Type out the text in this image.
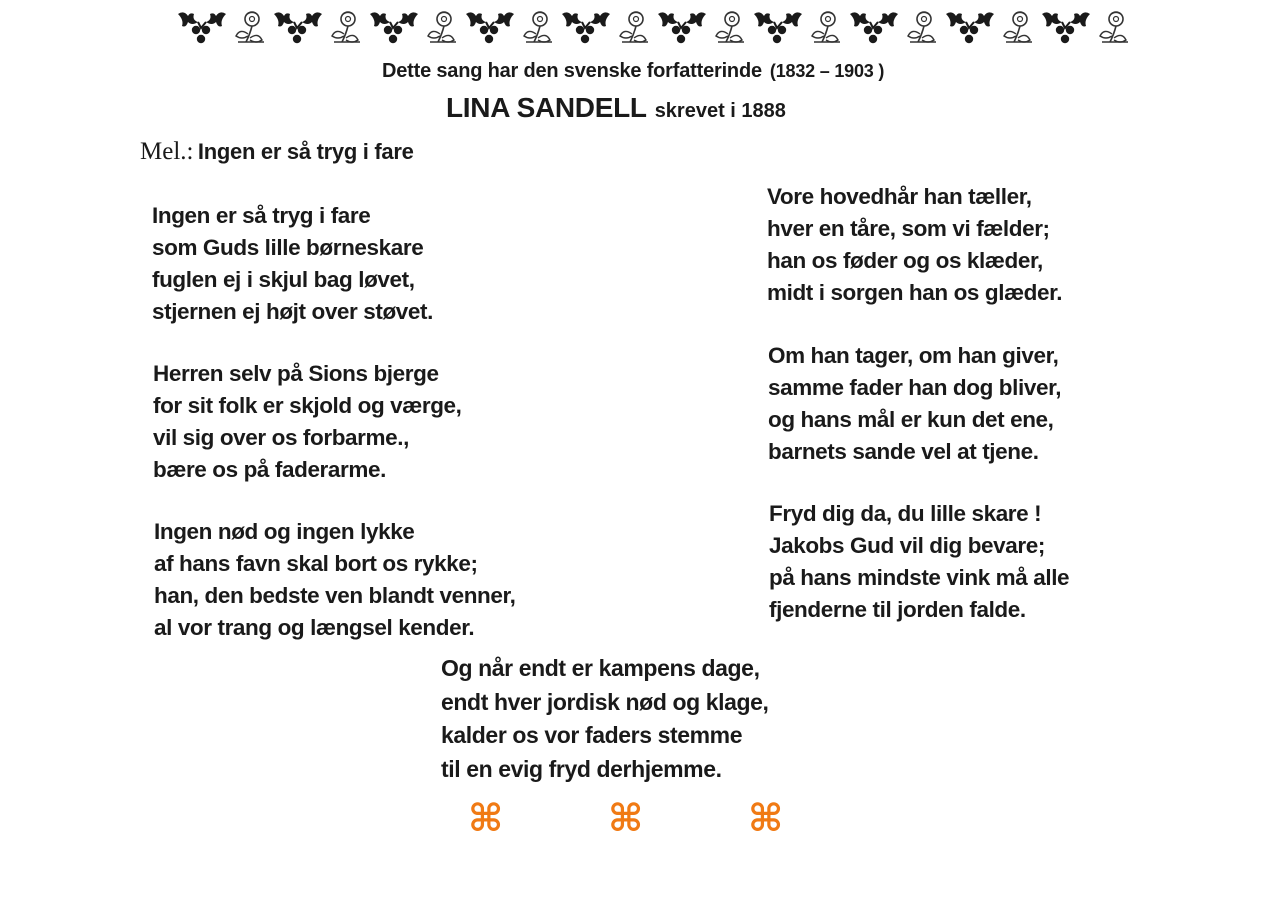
Dette sang har den svenske forfatterinde (1832 – 1903 )
LINA SANDELL skrevet i 1888
Mel.: Ingen er så tryg i fare
Ingen er så tryg i fare
som Guds lille børneskare
fuglen ej i skjul bag løvet,
stjernen ej højt over støvet.
Herren selv på Sions bjerge
for sit folk er skjold og værge,
vil sig over os forbarme.,
bære os på faderarme.
Ingen nød og ingen lykke
af hans favn skal bort os rykke;
han, den bedste ven blandt venner,
al vor trang og længsel kender.
Vore hovedhår han tæller,
hver en tåre, som vi fælder;
han os føder og os klæder,
midt i sorgen han os glæder.
Om han tager, om han giver,
samme fader han dog bliver,
og hans mål er kun det ene,
barnets sande vel at tjene.
Fryd dig da, du lille skare !
Jakobs Gud vil dig bevare;
på hans mindste vink må alle
fjenderne til jorden falde.
Og når endt er kampens dage,
endt hver jordisk nød og klage,
kalder os vor faders stemme
til en evig fryd derhjemme.
⌘	⌘	⌘
